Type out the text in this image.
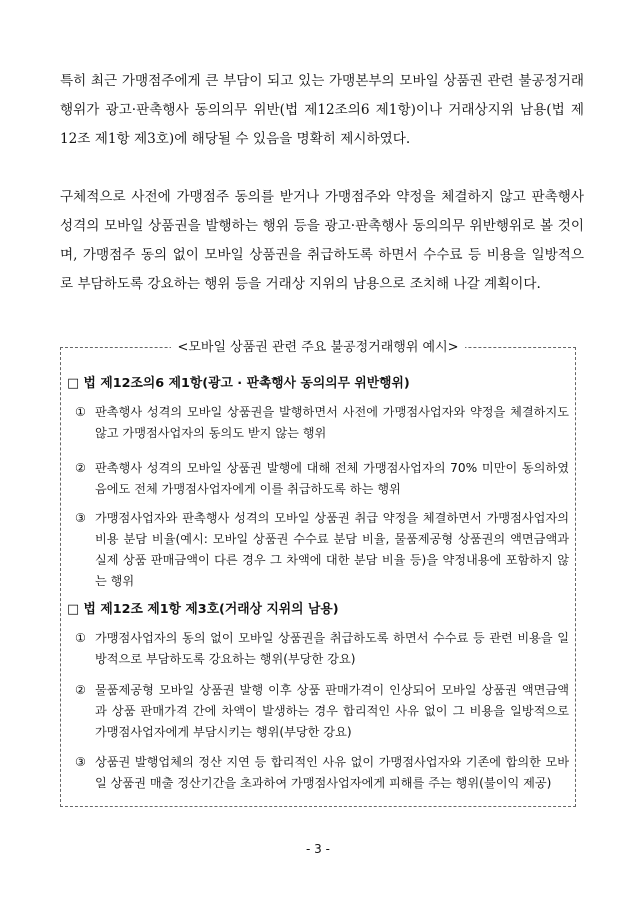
특히 최근 가맹점주에게 큰 부담이 되고 있는 가맹본부의 모바일 상품권 관련 불공정거래행위가 광고·판촉행사 동의의무 위반(법 제12조의6 제1항)이나 거래상지위 남용(법 제12조 제1항 제3호)에 해당될 수 있음을 명확히 제시하였다.

구체적으로 사전에 가맹점주 동의를 받거나 가맹점주와 약정을 체결하지 않고 판촉행사 성격의 모바일 상품권을 발행하는 행위 등을 광고·판촉행사 동의의무 위반행위로 볼 것이며, 가맹점주 동의 없이 모바일 상품권을 취급하도록 하면서 수수료 등 비용을 일방적으로 부담하도록 강요하는 행위 등을 거래상 지위의 남용으로 조치해 나갈 계획이다.

<모바일 상품권 관련 주요 불공정거래행위 예시>
□ 법 제12조의6 제1항(광고 · 판촉행사 동의의무 위반행위)
① 판촉행사 성격의 모바일 상품권을 발행하면서 사전에 가맹점사업자와 약정을 체결하지도 않고 가맹점사업자의 동의도 받지 않는 행위
② 판촉행사 성격의 모바일 상품권 발행에 대해 전체 가맹점사업자의 70% 미만이 동의하였음에도 전체 가맹점사업자에게 이를 취급하도록 하는 행위
③ 가맹점사업자와 판촉행사 성격의 모바일 상품권 취급 약정을 체결하면서 가맹점사업자의 비용 분담 비율(예시: 모바일 상품권 수수료 분담 비율, 물품제공형 상품권의 액면금액과 실제 상품 판매금액이 다른 경우 그 차액에 대한 분담 비율 등)을 약정내용에 포함하지 않는 행위
□ 법 제12조 제1항 제3호(거래상 지위의 남용)
① 가맹점사업자의 동의 없이 모바일 상품권을 취급하도록 하면서 수수료 등 관련 비용을 일방적으로 부담하도록 강요하는 행위(부당한 강요)
② 물품제공형 모바일 상품권 발행 이후 상품 판매가격이 인상되어 모바일 상품권 액면금액과 상품 판매가격 간에 차액이 발생하는 경우 합리적인 사유 없이 그 비용을 일방적으로 가맹점사업자에게 부담시키는 행위(부당한 강요)
③ 상품권 발행업체의 정산 지연 등 합리적인 사유 없이 가맹점사업자와 기존에 합의한 모바일 상품권 매출 정산기간을 초과하여 가맹점사업자에게 피해를 주는 행위(불이익 제공)
- 3 -
